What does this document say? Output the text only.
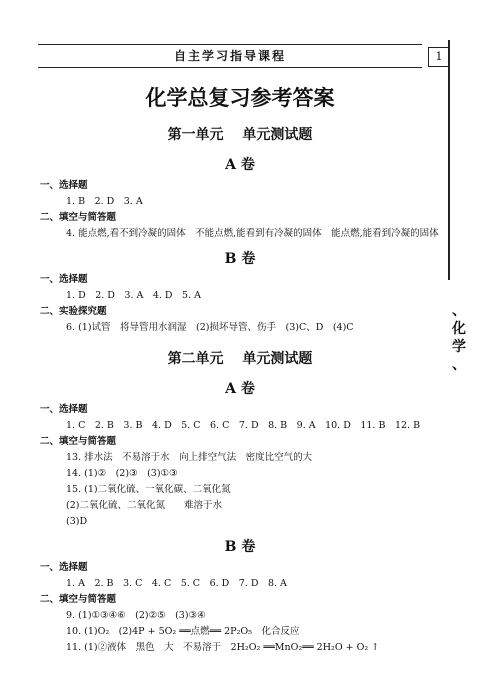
自主学习指导课程	1
、
化
学
、
化学总复习参考答案
第一单元　 单元测试题
A 卷

一、选择题

1. B　2. D　3. A

二、填空与简答题

4. 能点燃,看不到冷凝的固体　不能点燃,能看到有冷凝的固体　能点燃,能看到冷凝的固体

B 卷

一、选择题

1. D　2. D　3. A　4. D　5. A

二、实验探究题

6. (1)试管　将导管用水润湿　(2)损坏导管、伤手　(3)C、D　(4)C

第二单元　 单元测试题
A 卷

一、选择题

1. C　2. B　3. B　4. D　5. C　6. C　7. D　8. B　9. A　10. D　11. B　12. B

二、填空与简答题

13. 排水法　不易溶于水　向上排空气法　密度比空气的大

14. (1)②　(2)③　(3)①③

15. (1)二氧化硫、一氧化碳、二氧化氮

(2)二氧化硫、二氧化氮　　难溶于水

(3)D

B 卷

一、选择题

1. A　2. B　3. C　4. C　5. C　6. D　7. D　8. A

二、填空与简答题

9. (1)①③④⑥　(2)②⑤　(3)③④

10. (1)O₂　(2)4P + 5O₂ ══点燃══ 2P₂O₅　化合反应

11. (1)②液体　黑色　大　不易溶于　2H₂O₂ ══MnO₂══ 2H₂O + O₂ ↑
